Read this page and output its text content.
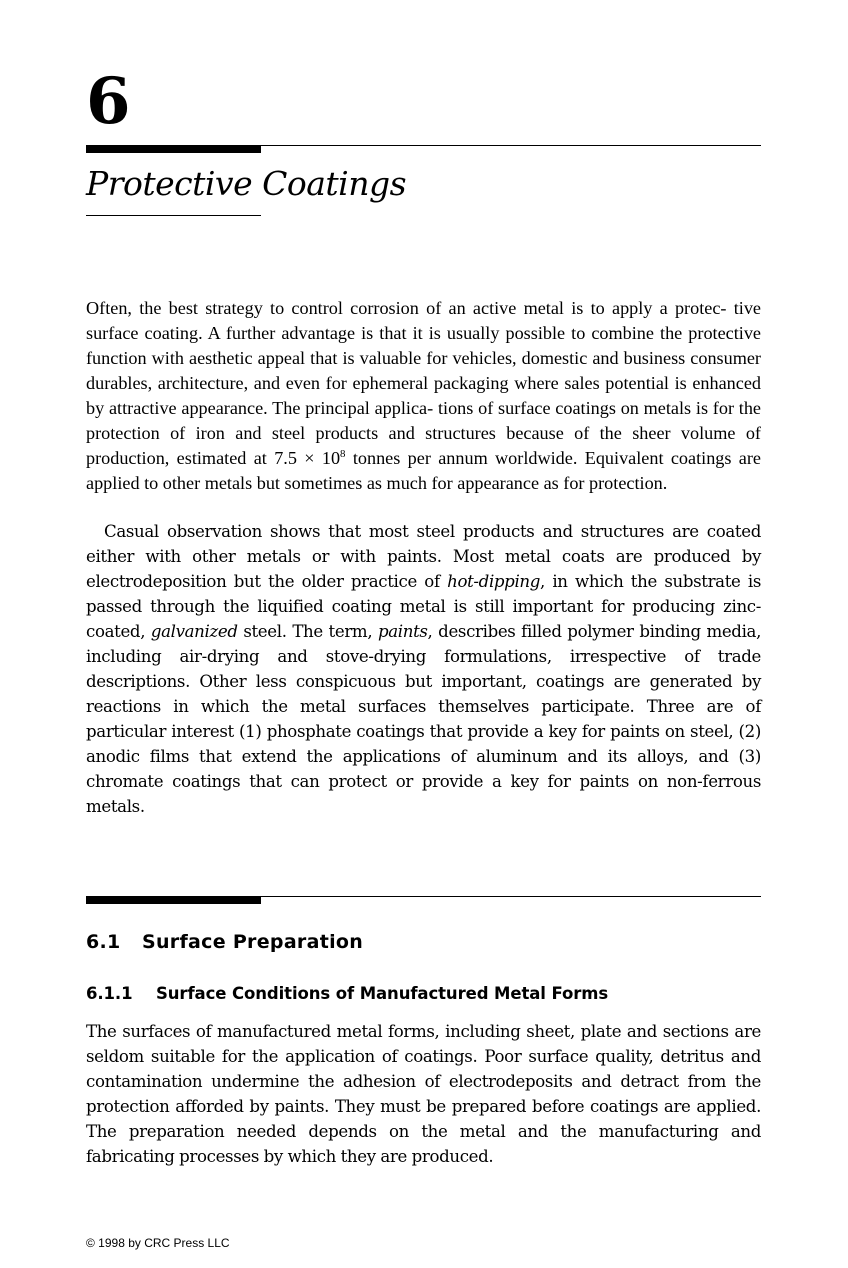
6
Protective Coatings
Often, the best strategy to control corrosion of an active metal is to apply a protec- tive surface coating. A further advantage is that it is usually possible to combine the protective function with aesthetic appeal that is valuable for vehicles, domestic and business consumer durables, architecture, and even for ephemeral packaging where sales potential is enhanced by attractive appearance. The principal applica- tions of surface coatings on metals is for the protection of iron and steel products and structures because of the sheer volume of production, estimated at $7.5 \times 10^8$ tonnes per annum worldwide. Equivalent coatings are applied to other metals but sometimes as much for appearance as for protection.

Casual observation shows that most steel products and structures are coated either with other metals or with paints. Most metal coats are produced by electrodeposition but the older practice of hot-dipping, in which the substrate is passed through the liquified coating metal is still important for producing zinc-coated, galvanized steel. The term, paints, describes filled polymer binding media, including air-drying and stove-drying formulations, irrespective of trade descriptions. Other less conspicuous but important, coatings are generated by reactions in which the metal surfaces themselves participate. Three are of particular interest (1) phosphate coatings that provide a key for paints on steel, (2) anodic films that extend the applications of aluminum and its alloys, and (3) chromate coatings that can protect or provide a key for paints on non-ferrous metals.

6.1 Surface Preparation
6.1.1 Surface Conditions of Manufactured Metal Forms

The surfaces of manufactured metal forms, including sheet, plate and sections are seldom suitable for the application of coatings. Poor surface quality, detritus and contamination undermine the adhesion of electrodeposits and detract from the protection afforded by paints. They must be prepared before coatings are applied. The preparation needed depends on the metal and the manufacturing and fabricating processes by which they are produced.

© 1998 by CRC Press LLC
